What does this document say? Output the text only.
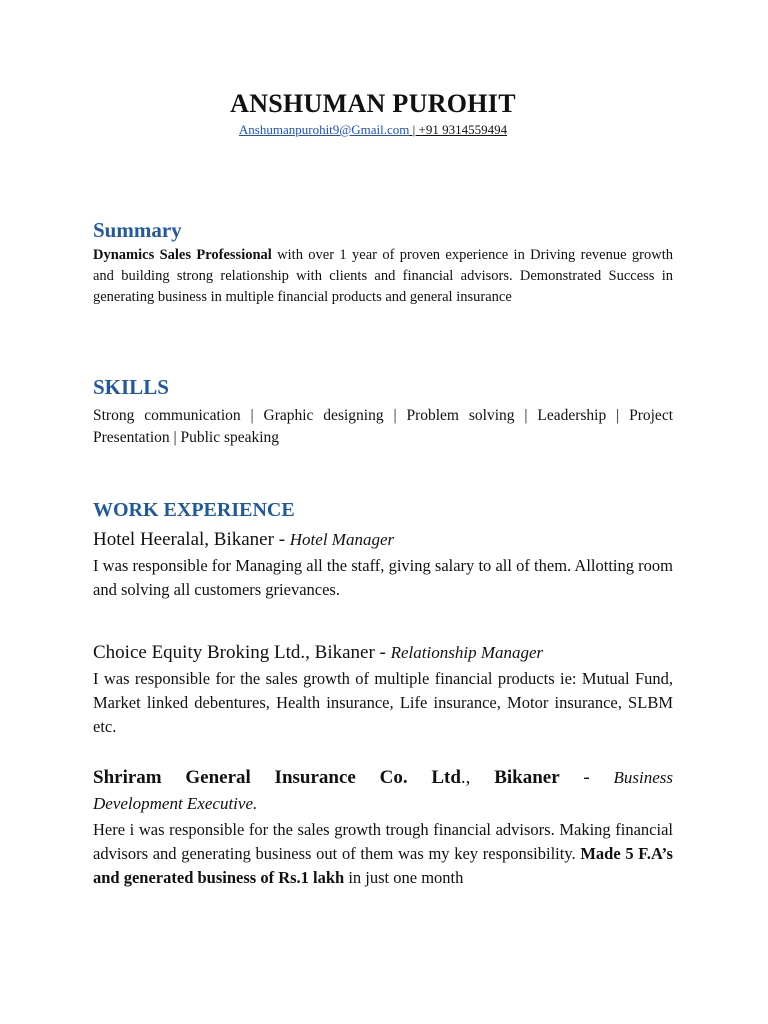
ANSHUMAN PUROHIT
Anshumanpurohit9@Gmail.com | +91 9314559494
Summary

Dynamics Sales Professional with over 1 year of proven experience in Driving revenue growth and building strong relationship with clients and financial advisors. Demonstrated Success in generating business in multiple financial products and general insurance

SKILLS

Strong communication | Graphic designing | Problem solving | Leadership | Project Presentation | Public speaking

WORK EXPERIENCE

Hotel Heeralal, Bikaner - Hotel Manager

I was responsible for Managing all the staff, giving salary to all of them. Allotting room and solving all customers grievances.

Choice Equity Broking Ltd., Bikaner - Relationship Manager

I was responsible for the sales growth of multiple financial products ie: Mutual Fund, Market linked debentures, Health insurance, Life insurance, Motor insurance, SLBM etc.

Shriram General Insurance Co. Ltd., Bikaner - Business

Development Executive.

Here i was responsible for the sales growth trough financial advisors. Making financial advisors and generating business out of them was my key responsibility. Made 5 F.A’s and generated business of Rs.1 lakh in just one month
